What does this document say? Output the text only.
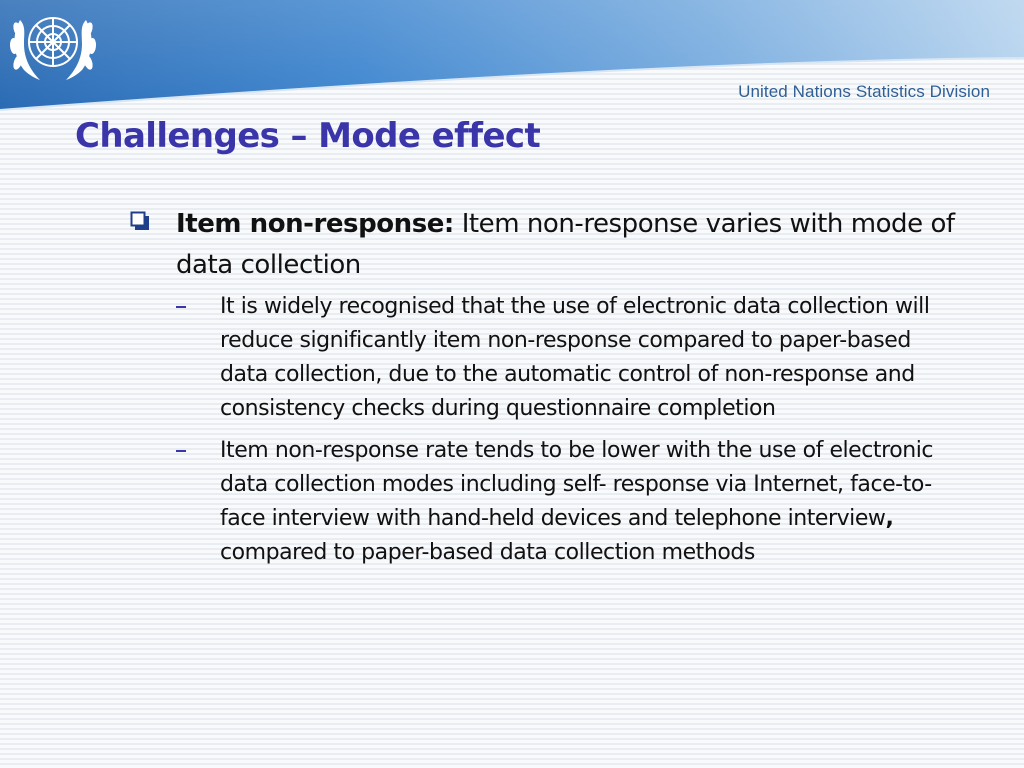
United Nations Statistics Division
Challenges – Mode effect
Item non-response: Item non-response varies with mode of data collection
It is widely recognised that the use of electronic data collection will reduce significantly item non-response compared to paper-based data collection, due to the automatic control of non-response and consistency checks during questionnaire completion
Item non-response rate tends to be lower with the use of electronic data collection modes including self- response via Internet, face-to-face interview with hand-held devices and telephone interview, compared to paper-based data collection methods
